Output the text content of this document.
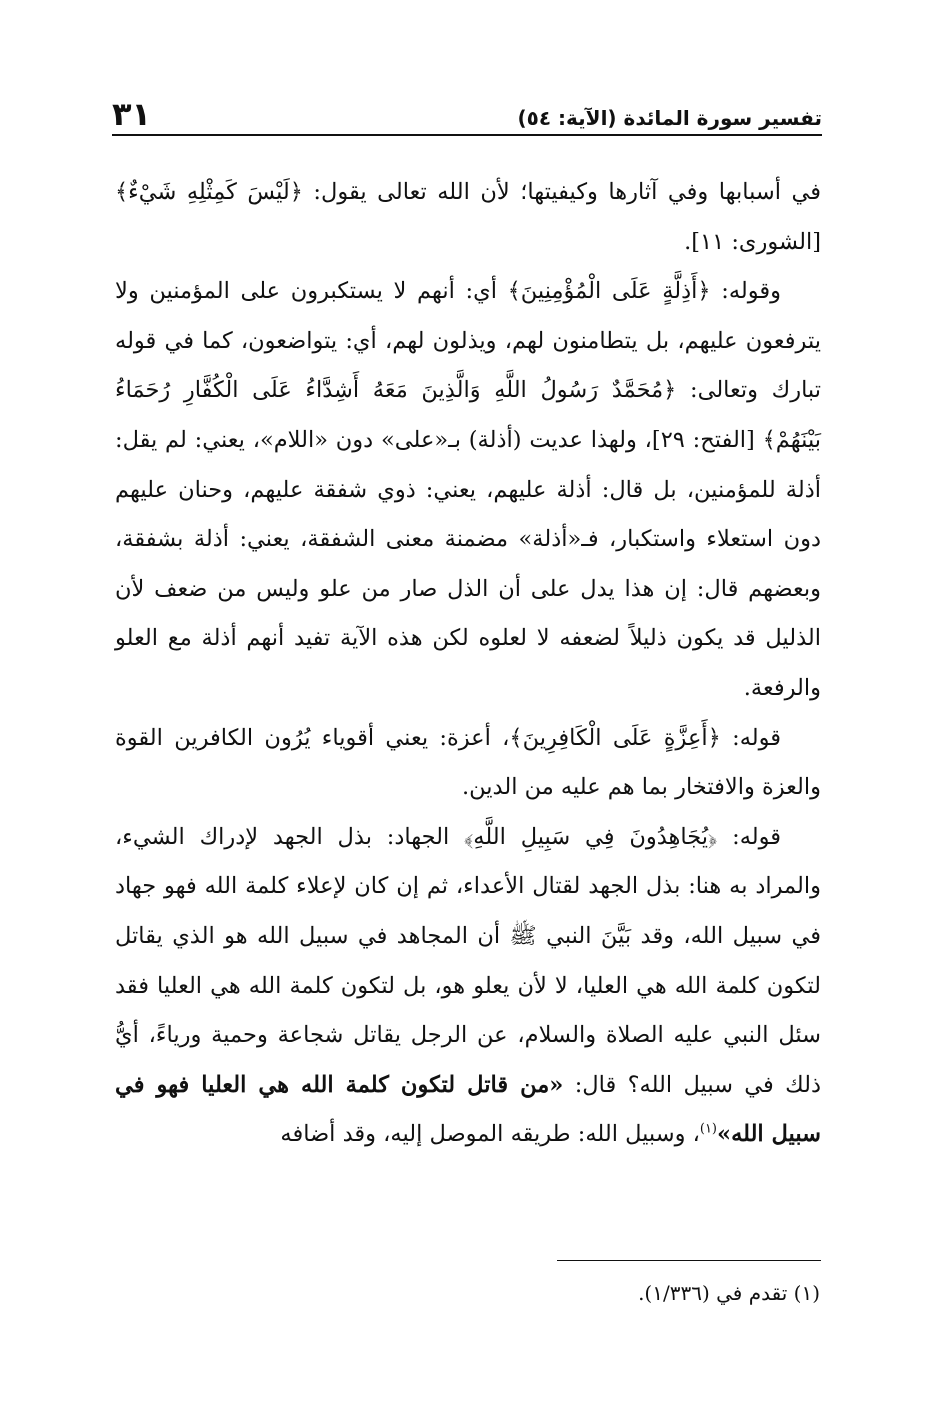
تفسير سورة المائدة (الآية: ٥٤)
٣١

في أسبابها وفي آثارها وكيفيتها؛ لأن الله تعالى يقول: ﴿لَيْسَ كَمِثْلِهِ شَيْءٌ﴾ [الشورى: ١١].

وقوله: ﴿أَذِلَّةٍ عَلَى الْمُؤْمِنِينَ﴾ أي: أنهم لا يستكبرون على المؤمنين ولا يترفعون عليهم، بل يتطامنون لهم، ويذلون لهم، أي: يتواضعون، كما في قوله تبارك وتعالى: ﴿مُحَمَّدٌ رَسُولُ اللَّهِ وَالَّذِينَ مَعَهُ أَشِدَّاءُ عَلَى الْكُفَّارِ رُحَمَاءُ بَيْنَهُمْ﴾ [الفتح: ٢٩]، ولهذا عديت (أذلة) بـ«على» دون «اللام»، يعني: لم يقل: أذلة للمؤمنين، بل قال: أذلة عليهم، يعني: ذوي شفقة عليهم، وحنان عليهم دون استعلاء واستكبار، فـ«أذلة» مضمنة معنى الشفقة، يعني: أذلة بشفقة، وبعضهم قال: إن هذا يدل على أن الذل صار من علو وليس من ضعف لأن الذليل قد يكون ذليلاً لضعفه لا لعلوه لكن هذه الآية تفيد أنهم أذلة مع العلو والرفعة.

قوله: ﴿أَعِزَّةٍ عَلَى الْكَافِرِينَ﴾، أعزة: يعني أقوياء يُرُون الكافرين القوة والعزة والافتخار بما هم عليه من الدين.

قوله: ﴿يُجَاهِدُونَ فِي سَبِيلِ اللَّهِ﴾ الجهاد: بذل الجهد لإدراك الشيء، والمراد به هنا: بذل الجهد لقتال الأعداء، ثم إن كان لإعلاء كلمة الله فهو جهاد في سبيل الله، وقد بَيَّنَ النبي ﷺ أن المجاهد في سبيل الله هو الذي يقاتل لتكون كلمة الله هي العليا، لا لأن يعلو هو، بل لتكون كلمة الله هي العليا فقد سئل النبي عليه الصلاة والسلام، عن الرجل يقاتل شجاعة وحمية ورياءً، أيُّ ذلك في سبيل الله؟ قال: «من قاتل لتكون كلمة الله هي العليا فهو في سبيل الله»$^{(١)}$، وسبيل الله: طريقه الموصل إليه، وقد أضافه

(١) تقدم في (١/٣٣٦).
